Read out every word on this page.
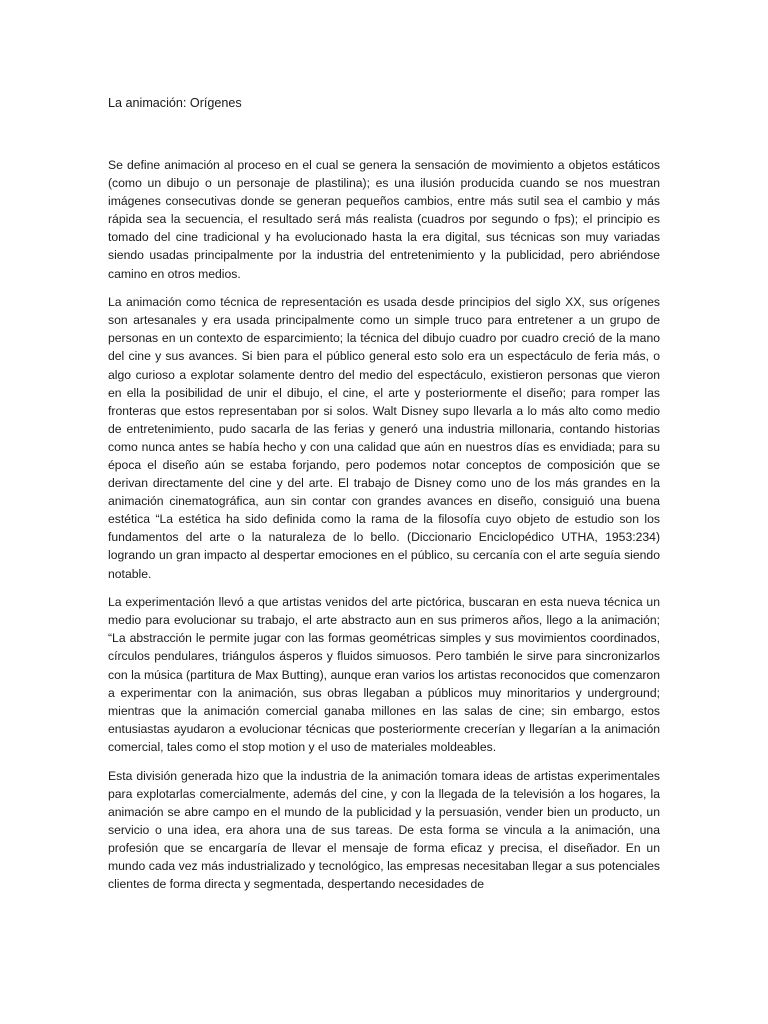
La animación: Orígenes

Se define animación al proceso en el cual se genera la sensación de movimiento a objetos estáticos (como un dibujo o un personaje de plastilina); es una ilusión producida cuando se nos muestran imágenes consecutivas donde se generan pequeños cambios, entre más sutil sea el cambio y más rápida sea la secuencia, el resultado será más realista (cuadros por segundo o fps); el principio es tomado del cine tradicional y ha evolucionado hasta la era digital, sus técnicas son muy variadas siendo usadas principalmente por la industria del entretenimiento y la publicidad, pero abriéndose camino en otros medios.

La animación como técnica de representación es usada desde principios del siglo XX, sus orígenes son artesanales y era usada principalmente como un simple truco para entretener a un grupo de personas en un contexto de esparcimiento; la técnica del dibujo cuadro por cuadro creció de la mano del cine y sus avances. Si bien para el público general esto solo era un espectáculo de feria más, o algo curioso a explotar solamente dentro del medio del espectáculo, existieron personas que vieron en ella la posibilidad de unir el dibujo, el cine, el arte y posteriormente el diseño; para romper las fronteras que estos representaban por si solos. Walt Disney supo llevarla a lo más alto como medio de entretenimiento, pudo sacarla de las ferias y generó una industria millonaria, contando historias como nunca antes se había hecho y con una calidad que aún en nuestros días es envidiada; para su época el diseño aún se estaba forjando, pero podemos notar conceptos de composición que se derivan directamente del cine y del arte. El trabajo de Disney como uno de los más grandes en la animación cinematográfica, aun sin contar con grandes avances en diseño, consiguió una buena estética “La estética ha sido definida como la rama de la filosofía cuyo objeto de estudio son los fundamentos del arte o la naturaleza de lo bello. (Diccionario Enciclopédico UTHA, 1953:234) logrando un gran impacto al despertar emociones en el público, su cercanía con el arte seguía siendo notable.

La experimentación llevó a que artistas venidos del arte pictórica, buscaran en esta nueva técnica un medio para evolucionar su trabajo, el arte abstracto aun en sus primeros años, llego a la animación; “La abstracción le permite jugar con las formas geométricas simples y sus movimientos coordinados, círculos pendulares, triángulos ásperos y fluidos simuosos. Pero también le sirve para sincronizarlos con la música (partitura de Max Butting), aunque eran varios los artistas reconocidos que comenzaron a experimentar con la animación, sus obras llegaban a públicos muy minoritarios y underground; mientras que la animación comercial ganaba millones en las salas de cine; sin embargo, estos entusiastas ayudaron a evolucionar técnicas que posteriormente crecerían y llegarían a la animación comercial, tales como el stop motion y el uso de materiales moldeables.

Esta división generada hizo que la industria de la animación tomara ideas de artistas experimentales para explotarlas comercialmente, además del cine, y con la llegada de la televisión a los hogares, la animación se abre campo en el mundo de la publicidad y la persuasión, vender bien un producto, un servicio o una idea, era ahora una de sus tareas. De esta forma se vincula a la animación, una profesión que se encargaría de llevar el mensaje de forma eficaz y precisa, el diseñador. En un mundo cada vez más industrializado y tecnológico, las empresas necesitaban llegar a sus potenciales clientes de forma directa y segmentada, despertando necesidades de
